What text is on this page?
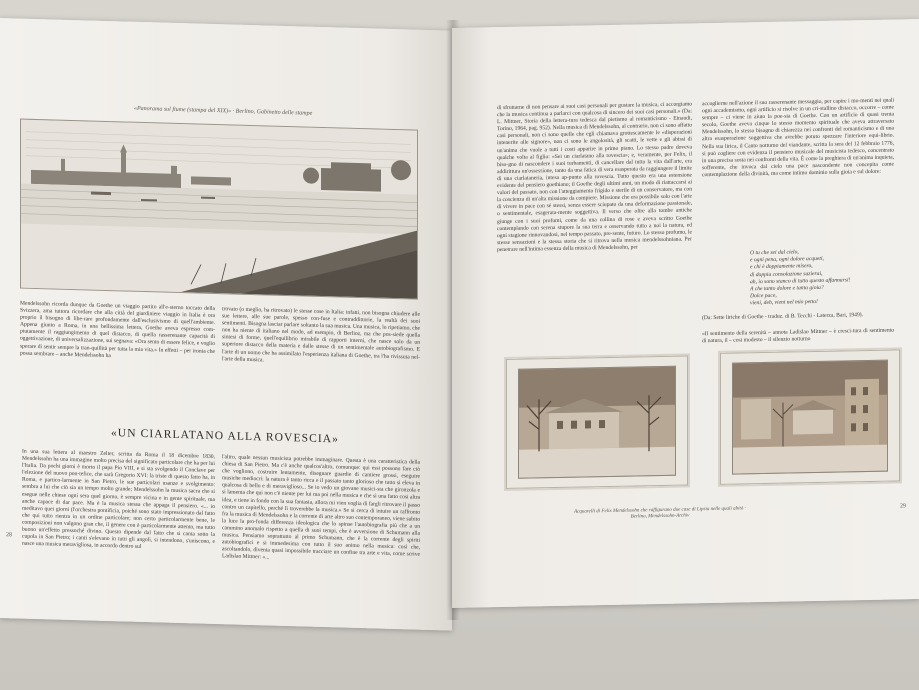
«Panorama sul fiume (stampa del XIX)» · Berlino, Gabinetto delle stampe
Mendelssohn ricorda dunque da Goethe un viaggio partito all'e-sterno toccato della Svizzera, ama tuttora ricordare che alla città del giardiniere viaggio in Italia è ora proprio il bisogno di libe-rare profondamente dall'esclusivismo di quell'ambiente. Appena giunto a Roma, in una bellissima lettera, Goethe aveva espresso com-piutamente il raggiungimento di quel distacco, di quella rasserenante capacità di oggettivazione, di universalizzazione, sui segnava: «Ora sento di essere felice, e voglio sperare di sentir sempre la tran-quillità per tutta la mia vita.» In effetti – per ironia che possa sembrare – anche Mendelssohn ha
trovato (o meglio, ha ritrovato) le stesse cose in Italia: infatti, non bisogna chiudere alle sue lettere, alle sue parole, spesso con-fuse e contraddittorie, la realtà dei suoi sentimenti. Bisogna lasciar parlare soltanto la sua musica. Una musica, lo ripetiamo, che non ha niente di italiano nel modo, ad esempio, di Berlioz, ma che pos-siede quella sintesi di forme, quell'equilibrio mirabile di rapporti interni, che nasce solo da un superiore distacco della materia e dalle stesse di un sentimentale autobiografismo. E l'arte di un uomo che ha assimilato l'esperienza italiana di Goethe, tra l'ha rivissuta nel-l'arte della musica.
«UN CIARLATANO ALLA ROVESCIA»
In una sua lettera al maestro Zelter, scritta da Roma il 18 dicembre 1830, Mendelssohn ha una immagine molto precisa del significato particolare che ha per lui l'Italia. Da pochi giorni è morto il papa Pio VIII, e si sta svolgendo il Conclave per l'elezione del nuovo pon-tefice, che sarà Gregorio XVI: la triste di questo fatto ha, in Roma, e partico-larmente in San Pietro, le sue particolari usanze e svolgimento: sembra a lui che ciò sia un tempo molto grande; Mendelssohn la musica sacra che si esegue nelle chiese ogni sera quel giorno, è sempre vicina e in gente spirituale, ma anche capace di dar pace. Ma è la musica stessa che appaga il pensiero. «... io meditavo quei giorni (l'orchestra pontificia, poiché sono stato impressionato dal fatto che qui tutto rientra in un ordine particolare; non certo particolarmente bene, le composizioni non valgono gran che, il genere con è particolarmente attento, ma tutto buono un'effetto pressoché divino. Questo dipende dal fatto che si canta sotto la cupola in San Pietro; i canti s'elevano in tutti gli angoli, si intendono, s'uniscono, e nasce una musica meravigliosa, in accordo dentro sul
l'altro, quale nessun musicista potrebbe immaginare. Questa è una caratteristica della chiesa di San Pietro. Ma c'è anche qualcos'altro, comunque: qui essi possono fare ciò che vogliono, costruire lentamente, disegnare guardie di cantiere grossi, eseguire musiche mediocri: la natura è tanto ricca e il passato tanto glorioso che tutto si eleva in qualcosa di bello e di meraviglioso... Se io vedo un giovane musici-sta che gironzola e si lamenta che qui non c'è niente per lui ma poi nella musica e che sì una fatto cosi altra idea, e tiene in fondo con la sua fantasia, allora mi vien voglia di fargli ritrovare il passo contro un capitello, perché lì troverebbe la musica.» Se si cerca di intuire un raffronto fra la musica di Mendelssohn e la corrente di arte altro suo contemporaneo, viene subito la luce la pro-fonda differenza ideologica che lo spinse l'autobiografia più che a un cammino anomalo rispetto a quella di suoi tempi, che è avversione di Schumann alla musica. Pensiamo soprattutto al primo Schumann, che è la corrente degli spiriti autobiografici e si immedesima con tutto il suo animo nella musica: così che, ascoltandolo, diventa quasi impossibile tracciare un confine tra arte e vita, come scrive Ladislao Mittner: «...
28
di sfruttarne di non pensare ai suoi casi personali per gustare la musica, ci accorgiamo che la musica continua a parlarci con qualcosa di sincero dei suoi casi personali.» (Da: L. Mittner, Storia della lettera-tura tedesca dal pietismo al romanticismo - Einaudi, Torino, 1964, pag. 952). Nella musica di Mendelssohn, al contrario, non ci sono affatto casi personali, non ci sono quelle che egli chiamava grottescamente le «disperazioni intenerite alle signore», non ci sono le angolosità, gli scatti, le vette e gli abissi di un'anima che vuole a tutti i costi apparire in primo piano. Lo stesso padre doveva qualche volta al figlio: «Sei un ciarlatano alla rovescia»; e, veramente, per Felix, il biso-gno di nascondere i suoi turbamenti, di cancellare dal tutto la vita dall'arte, era addirittura un'ossessione, tanto da una fatica di vera esasperata da raggiungere il limite di una ciarlataneria, intesa ap-punto alla rovescia. Tutto questo era una estensione evidente del pensiero goethiano; il Goethe degli ultimi anni, un modo di riattaccarsi ai valori del passato, non con l'atteggiamento frigido e sterile di un conservatore, ma con la coscienza di un'alta missione da compiere. Missione che era possibile solo con l'arte di vivere in pace con sé stessi, senza essere sciupato da una deformazione passionale, o sentimentale, esagerata-mente soggettiva. Il verso che oltre alla tombe antiche giunge con i suoi profumi, come da una collina di rose e aveva scritto Goethe contemplando con serena stupore la sua terra e osservando tutto a noi la natura, ed ogni stagione rinnovandosi, nel tempo passato, pre-sente, futuro. Lo stesso profumo, le stesse sensazioni e la stessa storia che si ritrova nella musica mendelssohniana. Per penetrare nell'intima essenza della musica di Mendelssohn, per
accoglierne nell'azione il suo rasserenante messaggio, per capire i mo-menti nei quali ogni accademismo, ogni artificio si risolve in un cri-stallino distacco, occorre – come sempre – ci viene in aiuto la poe-sia di Goethe. Con un artificio di quasi trenta secolo, Goethe aveva cinque lo stesso momento spirituale che aveva attraversato Mendelssohn, lo stesso bisogno di chiarezza nei confronti del romanticismo e di una altra esasperazione soggettiva che avrebbe potuto spezzare l'interiore equi-librio. Nella sua lirica, il Canto notturno del viandante, scritta la sera del 12 febbraio 1776, si può cogliere con evidenza il pensiero musicale del musicista tedesco, concentrato in una precisa sosta nei confronti della vita. È come la preghiera di un'anima inquieta, sofferente, che invoca dal cielo una pace nascondente non concepita come contemplazione della divinità, ma come intimo dominio sulla gioia e sul dolore:
O tu che sei dal cielo,
e ogni pena, ogni dolore acqueti,
e chi è doppiamente misero,
di doppia consolazione sazierai,
ah, io sono stanco di tutto questo affannarsi!
A che tanto dolore e tanta gioia?
Dolce pace,
vieni, deh, vieni nel mio petto!
(Da: Sette liriche di Goethe - traduz. di B. Tecchi - Laterza, Bari, 1949).
«Il sentimento della serenità – annota Ladislao Mittner – è cresci-tura di sentimento di natura, il – cosi modesto – il silenzio notturno
Acquarelli di Felix Mendelssohn che raffigurano due case di Lipsia nelle quali abitò · Berlino, Mendelssohn-Archiv
29
